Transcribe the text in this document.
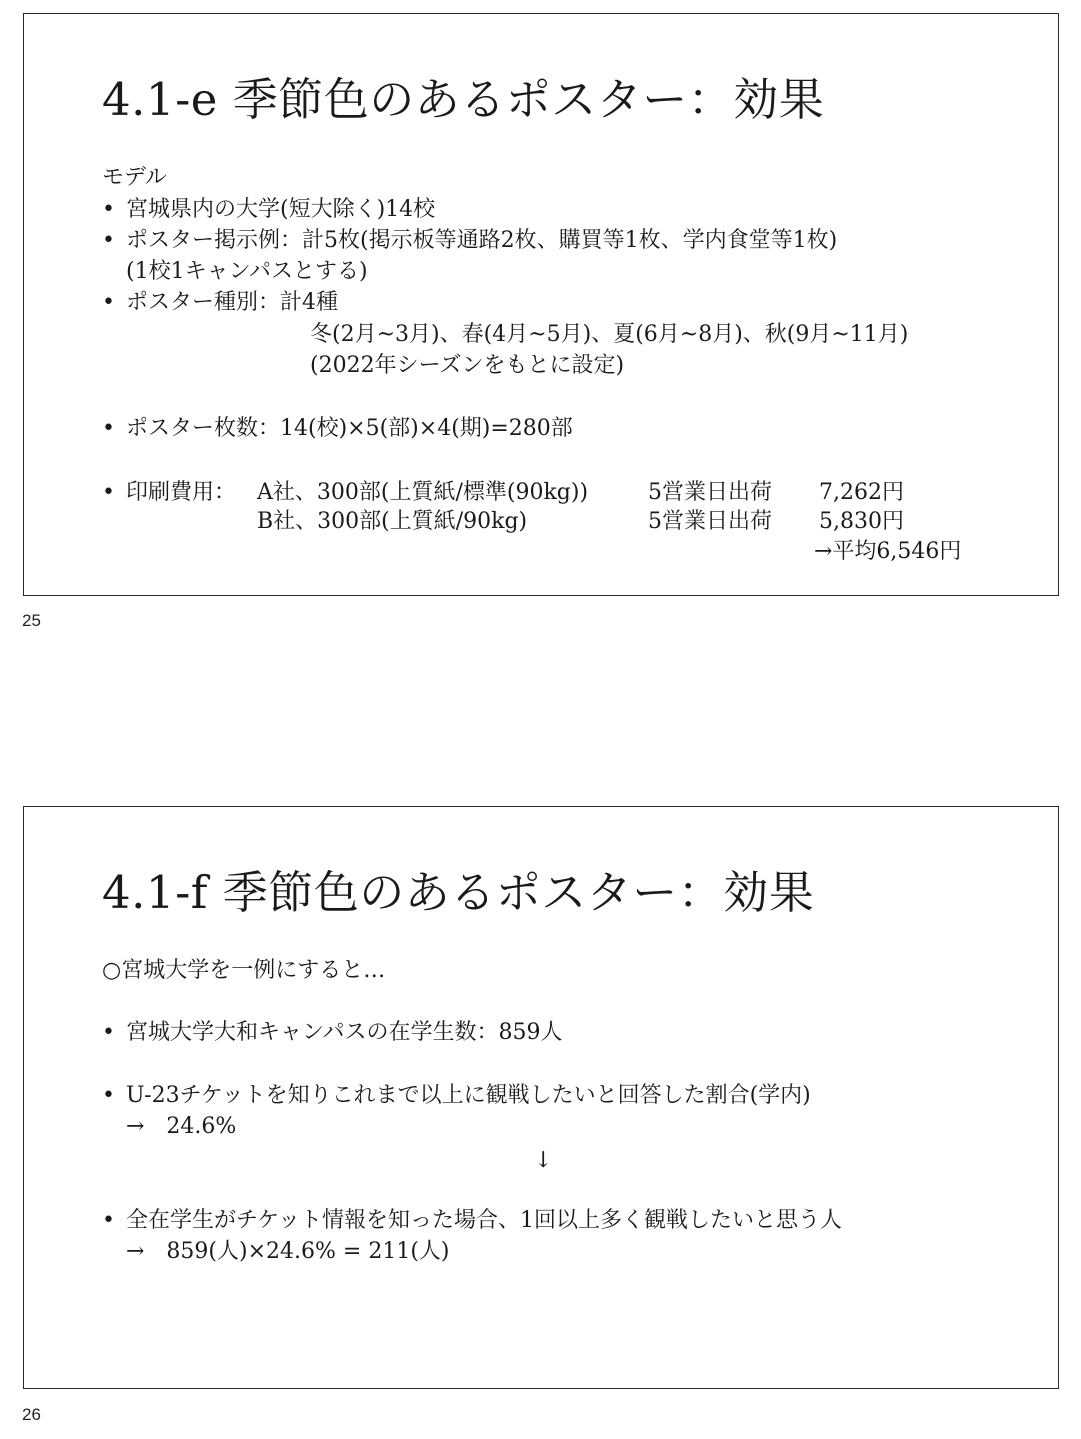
4.1-e 季節色のあるポスター：効果
モデル
• 宮城県内の大学(短大除く)14校
• ポスター掲示例：計5枚(掲示板等通路2枚、購買等1枚、学内食堂等1枚)
(1校1キャンパスとする)
• ポスター種別：計4種
冬(2月~3月)、春(4月~5月)、夏(6月~8月)、秋(9月~11月)
(2022年シーズンをもとに設定)
• ポスター枚数：14(校)×5(部)×4(期)=280部
• 印刷費用： A社、300部(上質紙/標準(90kg))	5営業日出荷 7,262円
B社、300部(上質紙/90kg)	5営業日出荷 5,830円
→平均6,546円
25
4.1-f 季節色のあるポスター：効果
○宮城大学を一例にすると…
• 宮城大学大和キャンパスの在学生数：859人
• U-23チケットを知りこれまで以上に観戦したいと回答した割合(学内)
→　24.6%
↓
• 全在学生がチケット情報を知った場合、1回以上多く観戦したいと思う人
→　859(人)×24.6% = 211(人)
26
